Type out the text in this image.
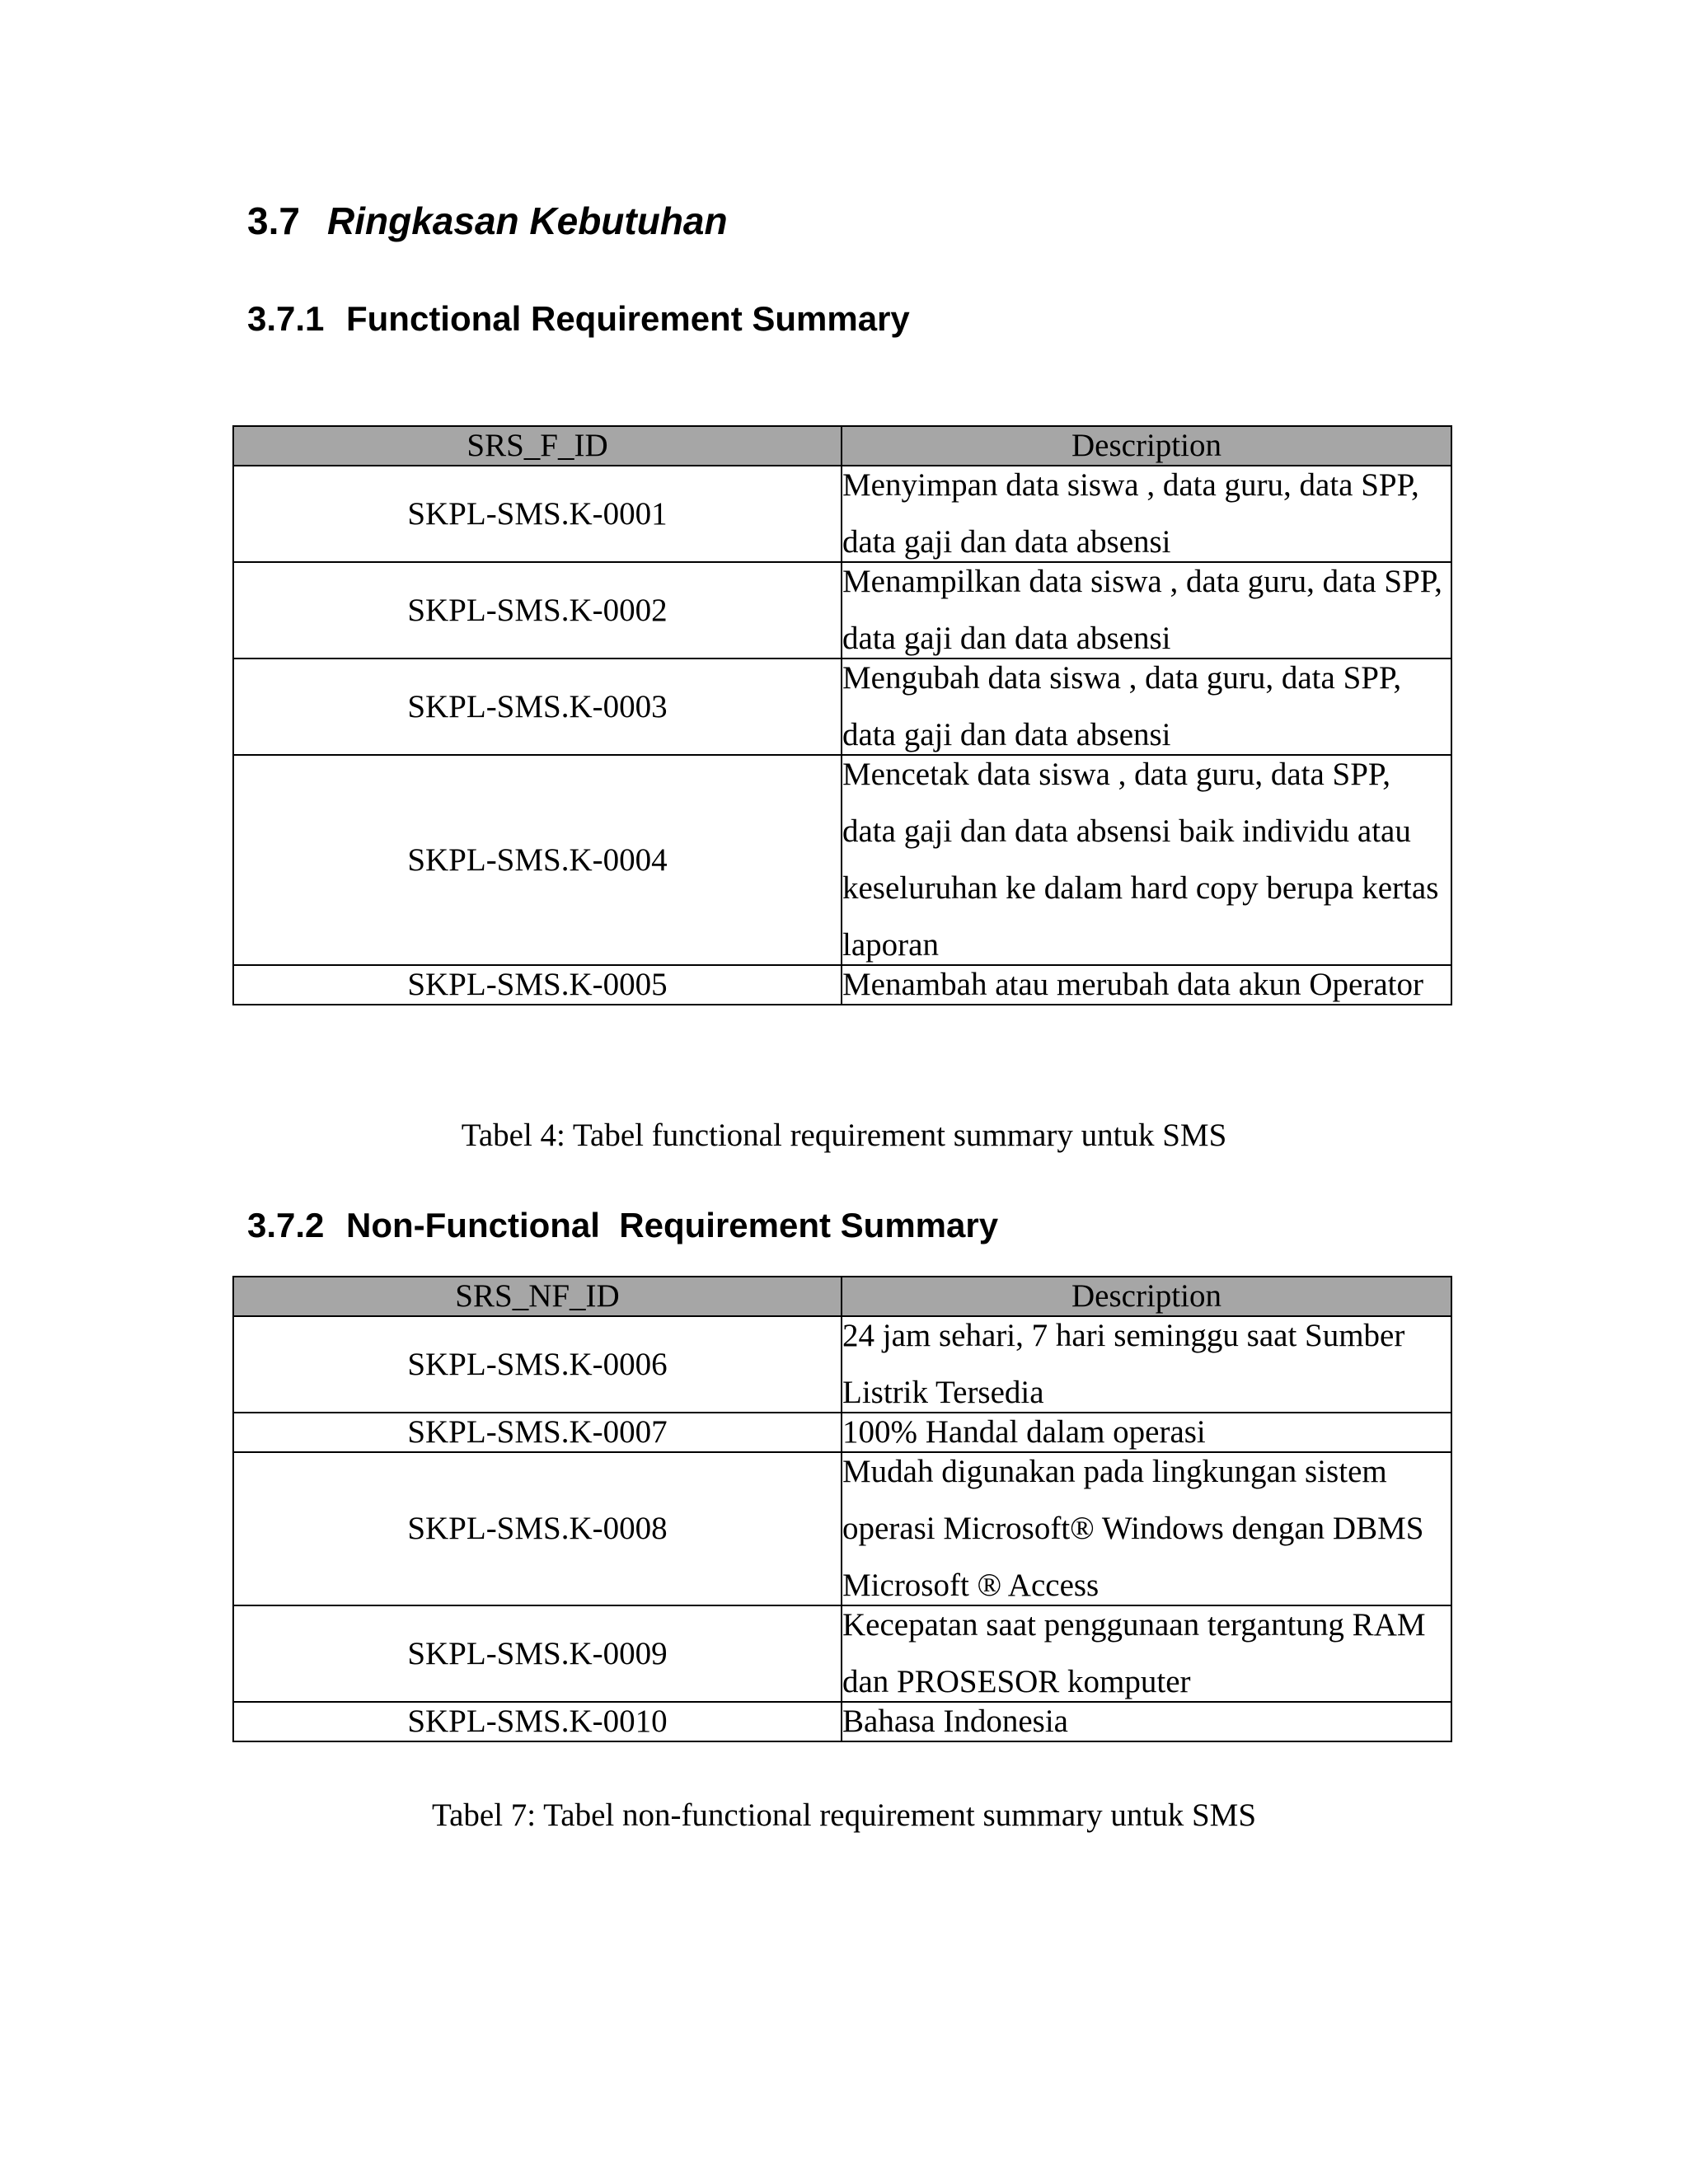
3.7 Ringkasan Kebutuhan
3.7.1 Functional Requirement Summary
SRS_F_ID	Description
SKPL-SMS.K-0001	Menyimpan data siswa , data guru, data SPP, data gaji dan data absensi

SKPL-SMS.K-0002	Menampilkan data siswa , data guru, data SPP, data gaji dan data absensi

SKPL-SMS.K-0003	Mengubah data siswa , data guru, data SPP, data gaji dan data absensi

SKPL-SMS.K-0004	Mencetak data siswa , data guru, data SPP, data gaji dan data absensi baik individu atau keseluruhan ke dalam hard copy berupa kertas laporan

SKPL-SMS.K-0005	Menambah atau merubah data akun Operator
Tabel 4: Tabel functional requirement summary untuk SMS
3.7.2 Non-Functional  Requirement Summary
SRS_NF_ID	Description
SKPL-SMS.K-0006	24 jam sehari, 7 hari seminggu saat Sumber Listrik Tersedia

SKPL-SMS.K-0007	100% Handal dalam operasi

SKPL-SMS.K-0008	Mudah digunakan pada lingkungan sistem operasi Microsoft® Windows dengan DBMS Microsoft ® Access

SKPL-SMS.K-0009	Kecepatan saat penggunaan tergantung RAM dan PROSESOR komputer

SKPL-SMS.K-0010	Bahasa Indonesia
Tabel 7: Tabel non-functional requirement summary untuk SMS
